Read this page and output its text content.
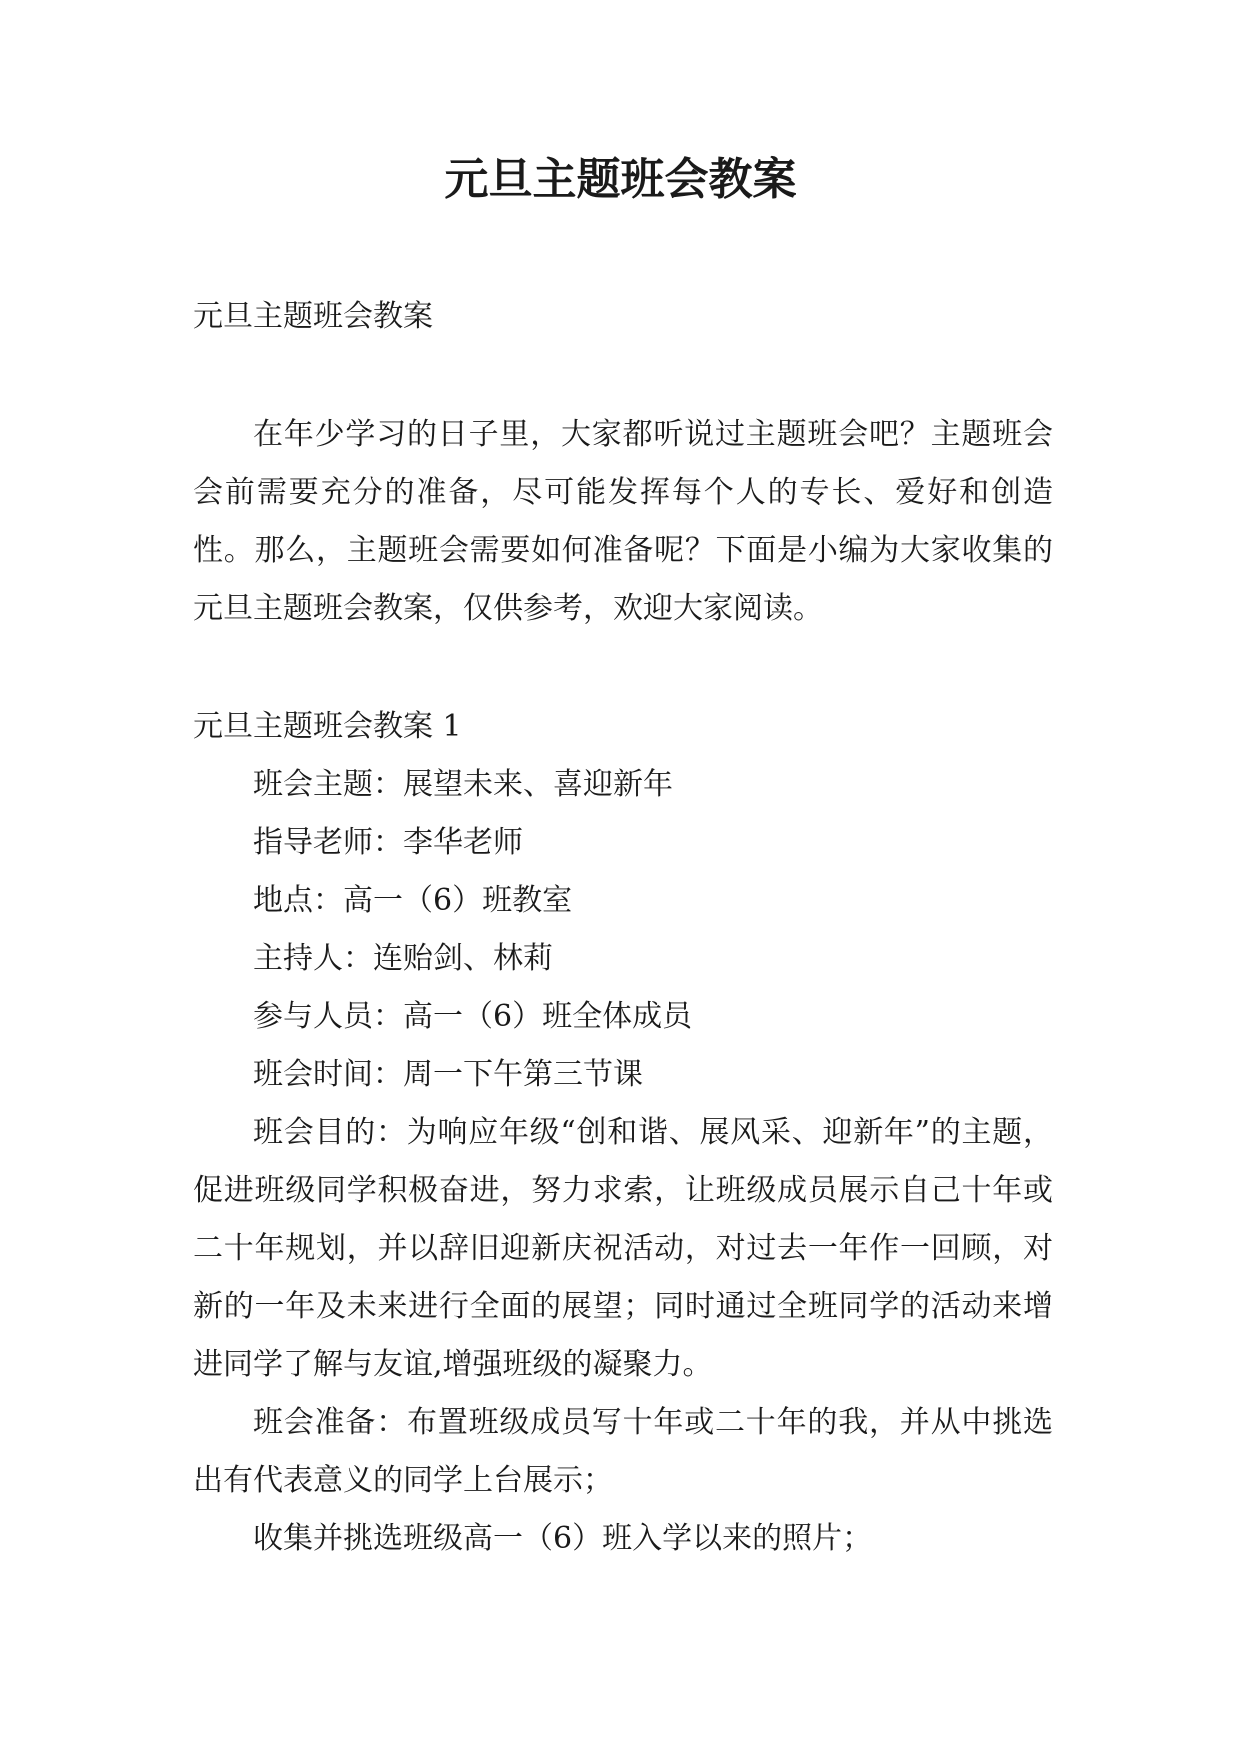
元旦主题班会教案

元旦主题班会教案

在年少学习的日子里，大家都听说过主题班会吧？主题班会会前需要充分的准备，尽可能发挥每个人的专长、爱好和创造性。那么，主题班会需要如何准备呢？下面是小编为大家收集的元旦主题班会教案，仅供参考，欢迎大家阅读。

元旦主题班会教案 1

班会主题：展望未来、喜迎新年

指导老师：李华老师

地点：高一（6）班教室

主持人：连贻剑、林莉

参与人员：高一（6）班全体成员

班会时间：周一下午第三节课

班会目的：为响应年级“创和谐、展风采、迎新年”的主题，促进班级同学积极奋进，努力求索，让班级成员展示自己十年或二十年规划，并以辞旧迎新庆祝活动，对过去一年作一回顾，对新的一年及未来进行全面的展望；同时通过全班同学的活动来增进同学了解与友谊,增强班级的凝聚力。

班会准备：布置班级成员写十年或二十年的我，并从中挑选出有代表意义的同学上台展示；

收集并挑选班级高一（6）班入学以来的照片；
